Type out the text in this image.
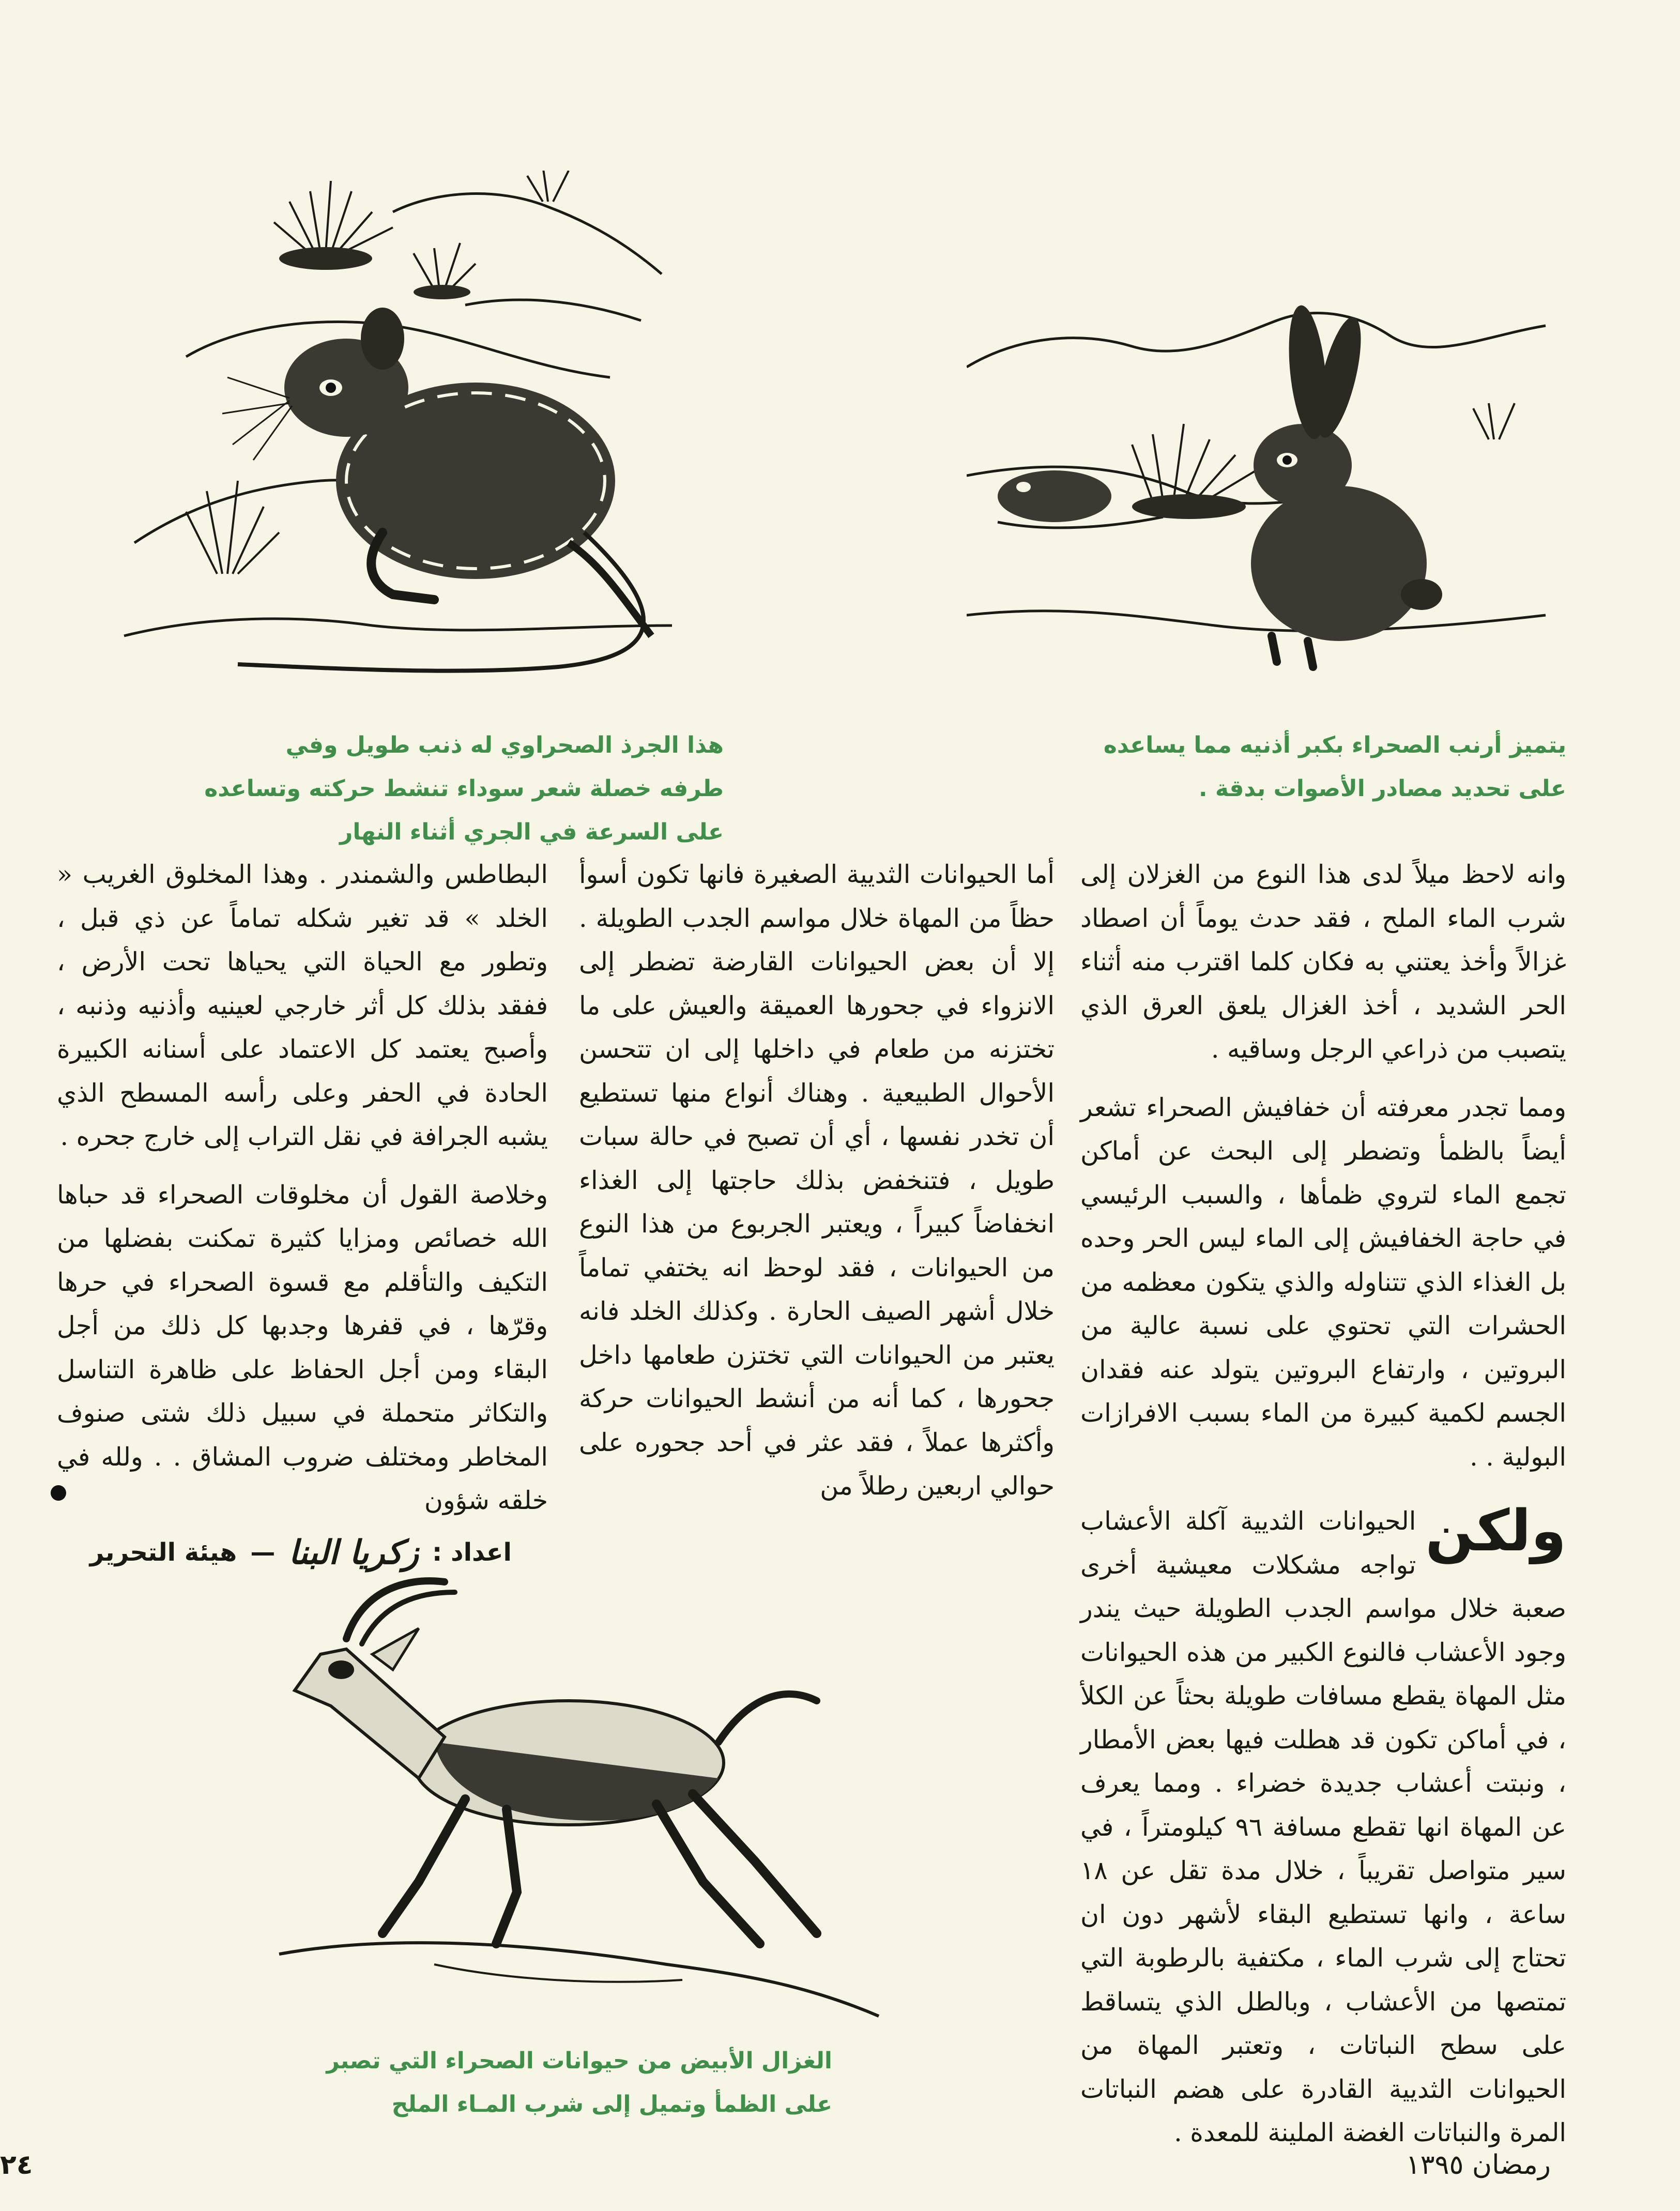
هذا الجرذ الصحراوي له ذنب طويل وفي
طرفه خصلة شعر سوداء تنشط حركته وتساعده
على السرعة في الجري أثناء النهار
يتميز أرنب الصحراء بكبر أذنيه مما يساعده
على تحديد مصادر الأصوات بدقة .
الغزال الأبيض من حيوانات الصحراء التي تصبر
على الظمأ وتميل إلى شرب المـاء الملح

وانه لاحظ ميلاً لدى هذا النوع من الغزلان إلى شرب الماء الملح ، فقد حدث يوماً أن اصطاد غزالاً وأخذ يعتني به فكان كلما اقترب منه أثناء الحر الشديد ، أخذ الغزال يلعق العرق الذي يتصبب من ذراعي الرجل وساقيه .

ومما تجدر معرفته أن خفافيش الصحراء تشعر أيضاً بالظمأ وتضطر إلى البحث عن أماكن تجمع الماء لتروي ظمأها ، والسبب الرئيسي في حاجة الخفافيش إلى الماء ليس الحر وحده بل الغذاء الذي تتناوله والذي يتكون معظمه من الحشرات التي تحتوي على نسبة عالية من البروتين ، وارتفاع البروتين يتولد عنه فقدان الجسم لكمية كبيرة من الماء بسبب الافرازات البولية . .

ولكن
الحيوانات الثديية آكلة الأعشاب تواجه مشكلات معيشية أخرى صعبة خلال مواسم الجدب الطويلة حيث يندر وجود الأعشاب فالنوع الكبير من هذه الحيوانات مثل المهاة يقطع مسافات طويلة بحثاً عن الكلأ ، في أماكن تكون قد هطلت فيها بعض الأمطار ، ونبتت أعشاب جديدة خضراء . ومما يعرف عن المهاة انها تقطع مسافة ٩٦ كيلومتراً ، في سير متواصل تقريباً ، خلال مدة تقل عن ١٨ ساعة ، وانها تستطيع البقاء لأشهر دون ان تحتاج إلى شرب الماء ، مكتفية بالرطوبة التي تمتصها من الأعشاب ، وبالطل الذي يتساقط على سطح النباتات ، وتعتبر المهاة من الحيوانات الثديية القادرة على هضم النباتات المرة والنباتات الغضة الملينة للمعدة .

أما الحيوانات الثديية الصغيرة فانها تكون أسوأ حظاً من المهاة خلال مواسم الجدب الطويلة . إلا أن بعض الحيوانات القارضة تضطر إلى الانزواء في جحورها العميقة والعيش على ما تختزنه من طعام في داخلها إلى ان تتحسن الأحوال الطبيعية . وهناك أنواع منها تستطيع أن تخدر نفسها ، أي أن تصبح في حالة سبات طويل ، فتنخفض بذلك حاجتها إلى الغذاء انخفاضاً كبيراً ، ويعتبر الجربوع من هذا النوع من الحيوانات ، فقد لوحظ انه يختفي تماماً خلال أشهر الصيف الحارة . وكذلك الخلد فانه يعتبر من الحيوانات التي تختزن طعامها داخل جحورها ، كما أنه من أنشط الحيوانات حركة وأكثرها عملاً ، فقد عثر في أحد جحوره على حوالي اربعين رطلاً من

البطاطس والشمندر . وهذا المخلوق الغريب « الخلد » قد تغير شكله تماماً عن ذي قبل ، وتطور مع الحياة التي يحياها تحت الأرض ، ففقد بذلك كل أثر خارجي لعينيه وأذنيه وذنبه ، وأصبح يعتمد كل الاعتماد على أسنانه الكبيرة الحادة في الحفر وعلى رأسه المسطح الذي يشبه الجرافة في نقل التراب إلى خارج جحره .

وخلاصة القول أن مخلوقات الصحراء قد حباها الله خصائص ومزايا كثيرة تمكنت بفضلها من التكيف والتأقلم مع قسوة الصحراء في حرها وقرّها ، في قفرها وجدبها كل ذلك من أجل البقاء ومن أجل الحفاظ على ظاهرة التناسل والتكاثر متحملة في سبيل ذلك شتى صنوف المخاطر ومختلف ضروب المشاق . . ولله في خلقه شؤون

اعداد :
زكريا البنا
—
هيئة التحرير
٢٤	رمضان ١٣٩٥
